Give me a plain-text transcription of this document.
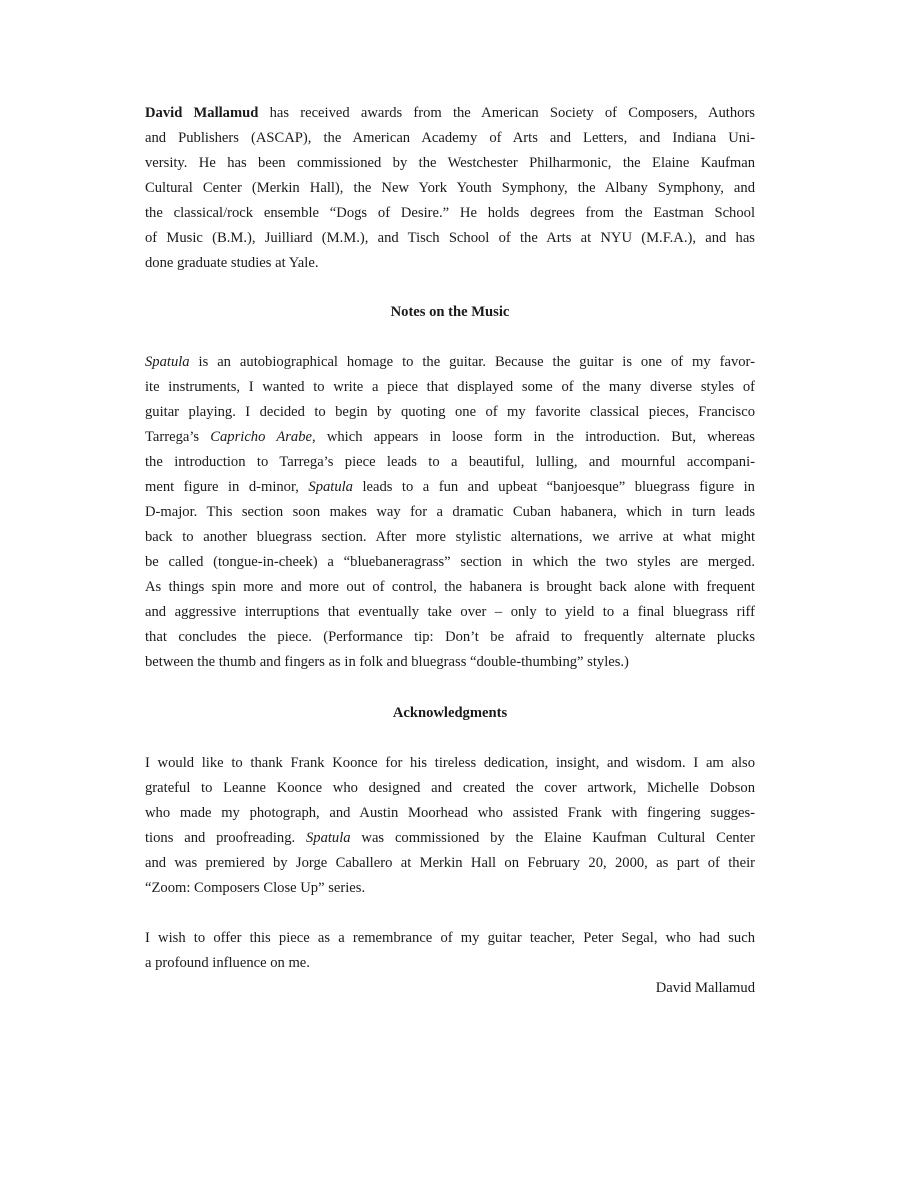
David Mallamud has received awards from the American Society of Composers, Authors
and Publishers (ASCAP), the American Academy of Arts and Letters, and Indiana Uni-
versity. He has been commissioned by the Westchester Philharmonic, the Elaine Kaufman
Cultural Center (Merkin Hall), the New York Youth Symphony, the Albany Symphony, and
the classical/rock ensemble “Dogs of Desire.” He holds degrees from the Eastman School
of Music (B.M.), Juilliard (M.M.), and Tisch School of the Arts at NYU (M.F.A.), and has
done graduate studies at Yale.

Notes on the Music

Spatula is an autobiographical homage to the guitar. Because the guitar is one of my favor-
ite instruments, I wanted to write a piece that displayed some of the many diverse styles of
guitar playing. I decided to begin by quoting one of my favorite classical pieces, Francisco
Tarrega’s Capricho Arabe, which appears in loose form in the introduction. But, whereas
the introduction to Tarrega’s piece leads to a beautiful, lulling, and mournful accompani-
ment figure in d-minor, Spatula leads to a fun and upbeat “banjoesque” bluegrass figure in
D-major. This section soon makes way for a dramatic Cuban habanera, which in turn leads
back to another bluegrass section. After more stylistic alternations, we arrive at what might
be called (tongue-in-cheek) a “bluebaneragrass” section in which the two styles are merged.
As things spin more and more out of control, the habanera is brought back alone with frequent
and aggressive interruptions that eventually take over – only to yield to a final bluegrass riff
that concludes the piece. (Performance tip: Don’t be afraid to frequently alternate plucks
between the thumb and fingers as in folk and bluegrass “double-thumbing” styles.)

Acknowledgments

I would like to thank Frank Koonce for his tireless dedication, insight, and wisdom. I am also
grateful to Leanne Koonce who designed and created the cover artwork, Michelle Dobson
who made my photograph, and Austin Moorhead who assisted Frank with fingering sugges-
tions and proofreading. Spatula was commissioned by the Elaine Kaufman Cultural Center
and was premiered by Jorge Caballero at Merkin Hall on February 20, 2000, as part of their
“Zoom: Composers Close Up” series.

I wish to offer this piece as a remembrance of my guitar teacher, Peter Segal, who had such
a profound influence on me.

David Mallamud
